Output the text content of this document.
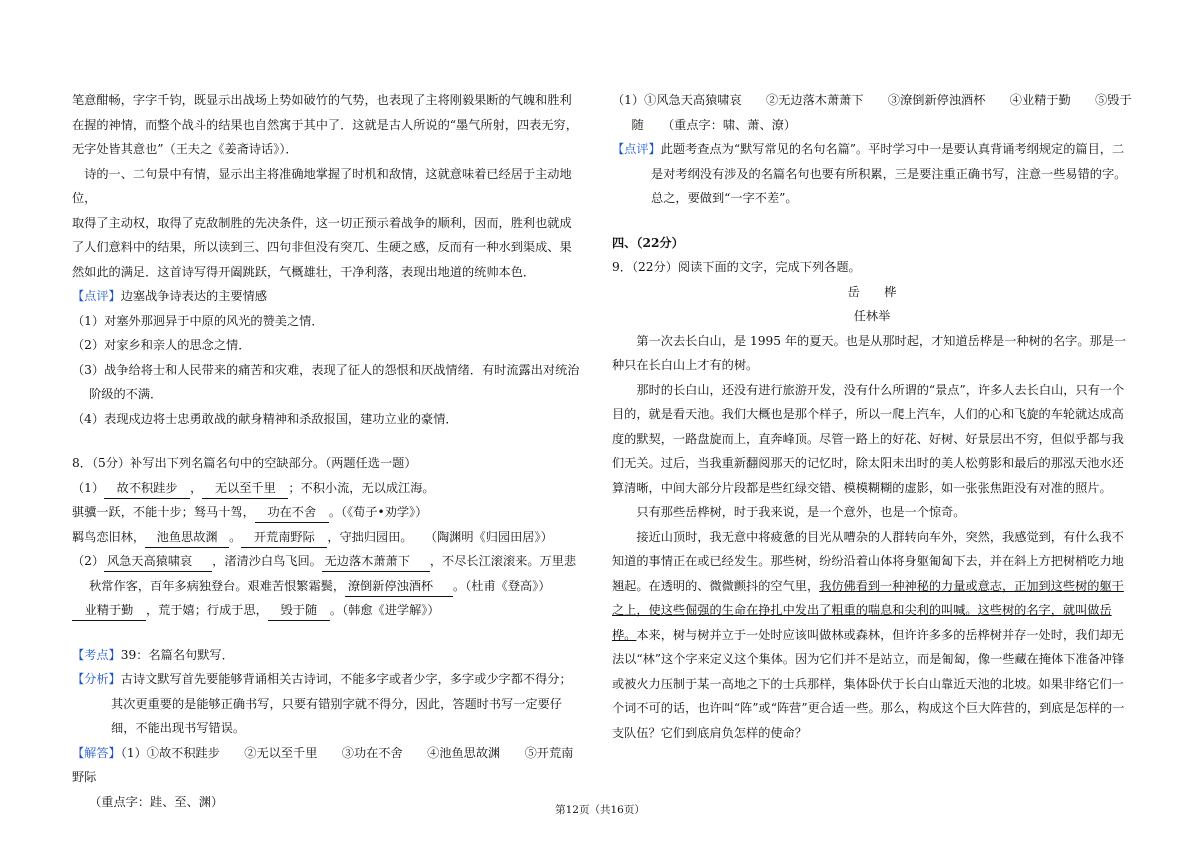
笔意酣畅，字字千钧，既显示出战场上势如破竹的气势，也表现了主将刚毅果断的气魄和胜利
在握的神情，而整个战斗的结果也自然寓于其中了．这就是古人所说的“墨气所射，四表无穷，
无字处皆其意也”（王夫之《姜斋诗话》）．

诗的一、二句景中有情，显示出主将准确地掌握了时机和敌情，这就意味着已经居于主动地位，
取得了主动权，取得了克敌制胜的先决条件，这一切正预示着战争的顺利，因而，胜利也就成
了人们意料中的结果，所以读到三、四句非但没有突兀、生硬之感，反而有一种水到渠成、果
然如此的满足．这首诗写得开阖跳跃，气概雄壮，干净利落，表现出地道的统帅本色．

【点评】边塞战争诗表达的主要情感

（1）对塞外那迥异于中原的风光的赞美之情．

（2）对家乡和亲人的思念之情．

（3）战争给将士和人民带来的痛苦和灾难，表现了征人的怨恨和厌战情绪．有时流露出对统治阶级的不满．

（4）表现戍边将士忠勇敢战的献身精神和杀敌报国，建功立业的豪情．

8．（5分）补写出下列名篇名句中的空缺部分。（两题任选一题）

（1） 故不积跬步 ， 无以至千里 ；不积小流，无以成江海。

骐骥一跃，不能十步；驽马十驾， 功在不舍 。（《荀子•劝学》）

羁鸟恋旧林， 池鱼思故渊 。 开荒南野际 ，守拙归园田。　　（陶渊明《归园田居》）

（2） 风急天高猿啸哀 ，渚清沙白鸟飞回。 无边落木萧萧下 ，不尽长江滚滚来。万里悲秋常作客，百年多病独登台。艰难苦恨繁霜鬓， 潦倒新停浊酒杯 。（杜甫《登高》）

业精于勤 ，荒于嬉；行成于思， 毁于随 。（韩愈《进学解》）

【考点】39：名篇名句默写．

【分析】古诗文默写首先要能够背诵相关古诗词，不能多字或者少字，多字或少字都不得分；其次更重要的是能够正确书写，只要有错别字就不得分，因此，答题时书写一定要仔细，不能出现书写错误。

【解答】（1）①故不积跬步　　②无以至千里　　③功在不舍　　④池鱼思故渊　　⑤开荒南野际
（重点字：跬、至、渊）

（1）①风急天高猿啸哀　　②无边落木萧萧下　　③潦倒新停浊酒杯　　④业精于勤　　⑤毁于
随　　（重点字：啸、萧、潦）

【点评】此题考查点为“默写常见的名句名篇”。平时学习中一是要认真背诵考纲规定的篇目，二是对考纲没有涉及的名篇名句也要有所积累，三是要注重正确书写，注意一些易错的字。总之，要做到“一字不差”。

四、（22分）

9．（22分）阅读下面的文字，完成下列各题。

岳　　桦

任林举

第一次去长白山，是 1995 年的夏天。也是从那时起，才知道岳桦是一种树的名字。那是一种只在长白山上才有的树。

那时的长白山，还没有进行旅游开发，没有什么所谓的“景点”，许多人去长白山，只有一个目的，就是看天池。我们大概也是那个样子，所以一爬上汽车，人们的心和飞旋的车轮就达成高度的默契，一路盘旋而上，直奔峰顶。尽管一路上的好花、好树、好景层出不穷，但似乎都与我们无关。过后，当我重新翻阅那天的记忆时，除太阳未出时的美人松剪影和最后的那泓天池水还算清晰，中间大部分片段都是些红绿交错、模模糊糊的虚影，如一张张焦距没有对准的照片。

只有那些岳桦树，时于我来说，是一个意外，也是一个惊奇。

接近山顶时，我无意中将疲惫的目光从嘈杂的人群转向车外，突然，我感觉到，有什么我不知道的事情正在或已经发生。那些树，纷纷沿着山体将身躯匍匐下去，并在斜上方把树梢吃力地翘起。在透明的、微微颤抖的空气里，我仿佛看到一种神秘的力量或意志，正加到这些树的躯干之上，使这些倔强的生命在挣扎中发出了粗重的喘息和尖利的叫喊。这些树的名字，就叫做岳桦。本来，树与树并立于一处时应该叫做林或森林，但许许多多的岳桦树并存一处时，我们却无法以“林”这个字来定义这个集体。因为它们并不是站立，而是匍匐，像一些藏在掩体下准备冲锋或被火力压制于某一高地之下的士兵那样，集体卧伏于长白山靠近天池的北坡。如果非络它们一个词不可的话，也许叫“阵”或“阵营”更合适一些。那么，构成这个巨大阵营的，到底是怎样的一支队伍？它们到底肩负怎样的使命？

第12页（共16页）
